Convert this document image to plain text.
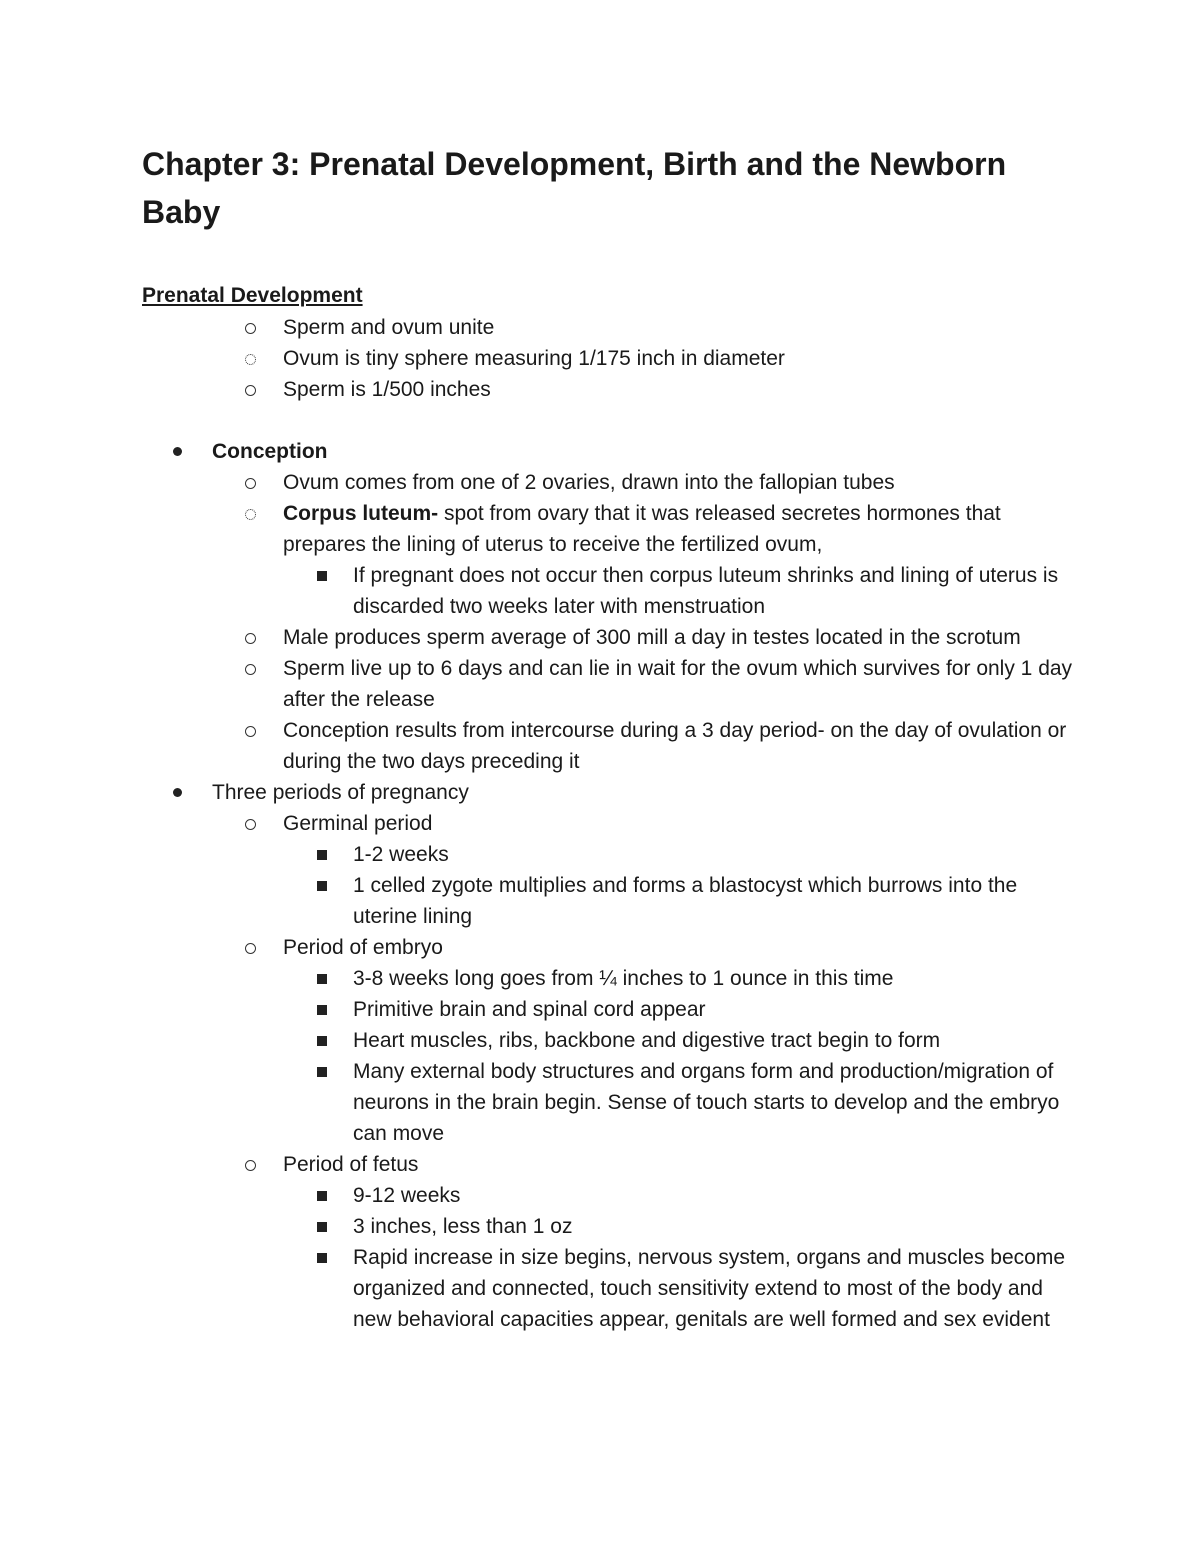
Chapter 3: Prenatal Development, Birth and the Newborn Baby
Prenatal Development
Sperm and ovum unite
Ovum is tiny sphere measuring 1/175 inch in diameter
Sperm is 1/500 inches
Conception
Ovum comes from one of 2 ovaries, drawn into the fallopian tubes
Corpus luteum- spot from ovary that it was released secretes hormones that prepares the lining of uterus to receive the fertilized ovum,
If pregnant does not occur then corpus luteum shrinks and lining of uterus is discarded two weeks later with menstruation
Male produces sperm average of 300 mill a day in testes located in the scrotum
Sperm live up to 6 days and can lie in wait for the ovum which survives for only 1 day after the release
Conception results from intercourse during a 3 day period- on the day of ovulation or during the two days preceding it
Three periods of pregnancy
Germinal period
1-2 weeks
1 celled zygote multiplies and forms a blastocyst which burrows into the uterine lining
Period of embryo
3-8 weeks long goes from ¼ inches to 1 ounce in this time
Primitive brain and spinal cord appear
Heart muscles, ribs, backbone and digestive tract begin to form
Many external body structures and organs form and production/migration of neurons in the brain begin. Sense of touch starts to develop and the embryo can move
Period of fetus
9-12 weeks
3 inches, less than 1 oz
Rapid increase in size begins, nervous system, organs and muscles become organized and connected, touch sensitivity extend to most of the body and new behavioral capacities appear, genitals are well formed and sex evident
